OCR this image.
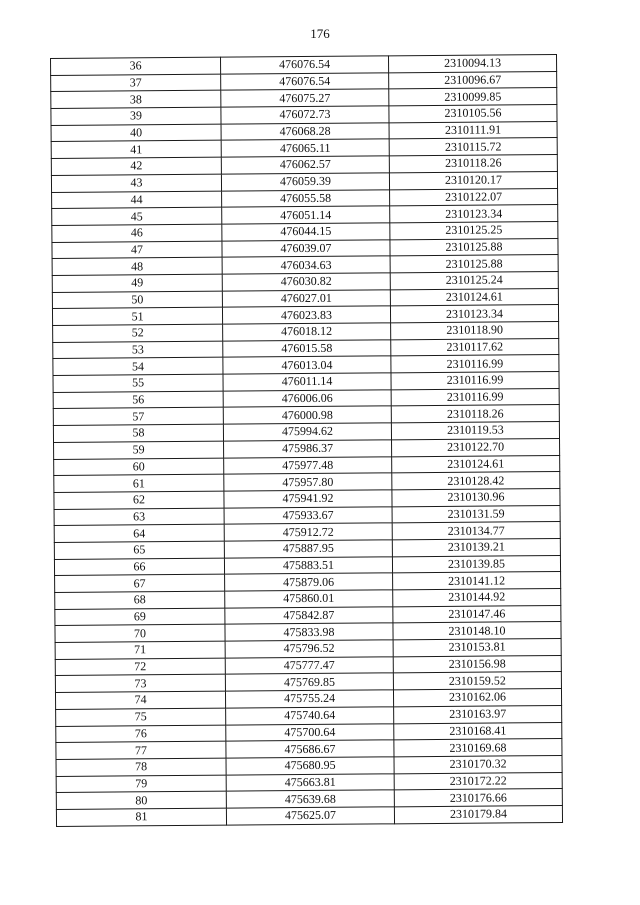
176
36	476076.54	2310094.13
37	476076.54	2310096.67
38	476075.27	2310099.85
39	476072.73	2310105.56
40	476068.28	2310111.91
41	476065.11	2310115.72
42	476062.57	2310118.26
43	476059.39	2310120.17
44	476055.58	2310122.07
45	476051.14	2310123.34
46	476044.15	2310125.25
47	476039.07	2310125.88
48	476034.63	2310125.88
49	476030.82	2310125.24
50	476027.01	2310124.61
51	476023.83	2310123.34
52	476018.12	2310118.90
53	476015.58	2310117.62
54	476013.04	2310116.99
55	476011.14	2310116.99
56	476006.06	2310116.99
57	476000.98	2310118.26
58	475994.62	2310119.53
59	475986.37	2310122.70
60	475977.48	2310124.61
61	475957.80	2310128.42
62	475941.92	2310130.96
63	475933.67	2310131.59
64	475912.72	2310134.77
65	475887.95	2310139.21
66	475883.51	2310139.85
67	475879.06	2310141.12
68	475860.01	2310144.92
69	475842.87	2310147.46
70	475833.98	2310148.10
71	475796.52	2310153.81
72	475777.47	2310156.98
73	475769.85	2310159.52
74	475755.24	2310162.06
75	475740.64	2310163.97
76	475700.64	2310168.41
77	475686.67	2310169.68
78	475680.95	2310170.32
79	475663.81	2310172.22
80	475639.68	2310176.66
81	475625.07	2310179.84
